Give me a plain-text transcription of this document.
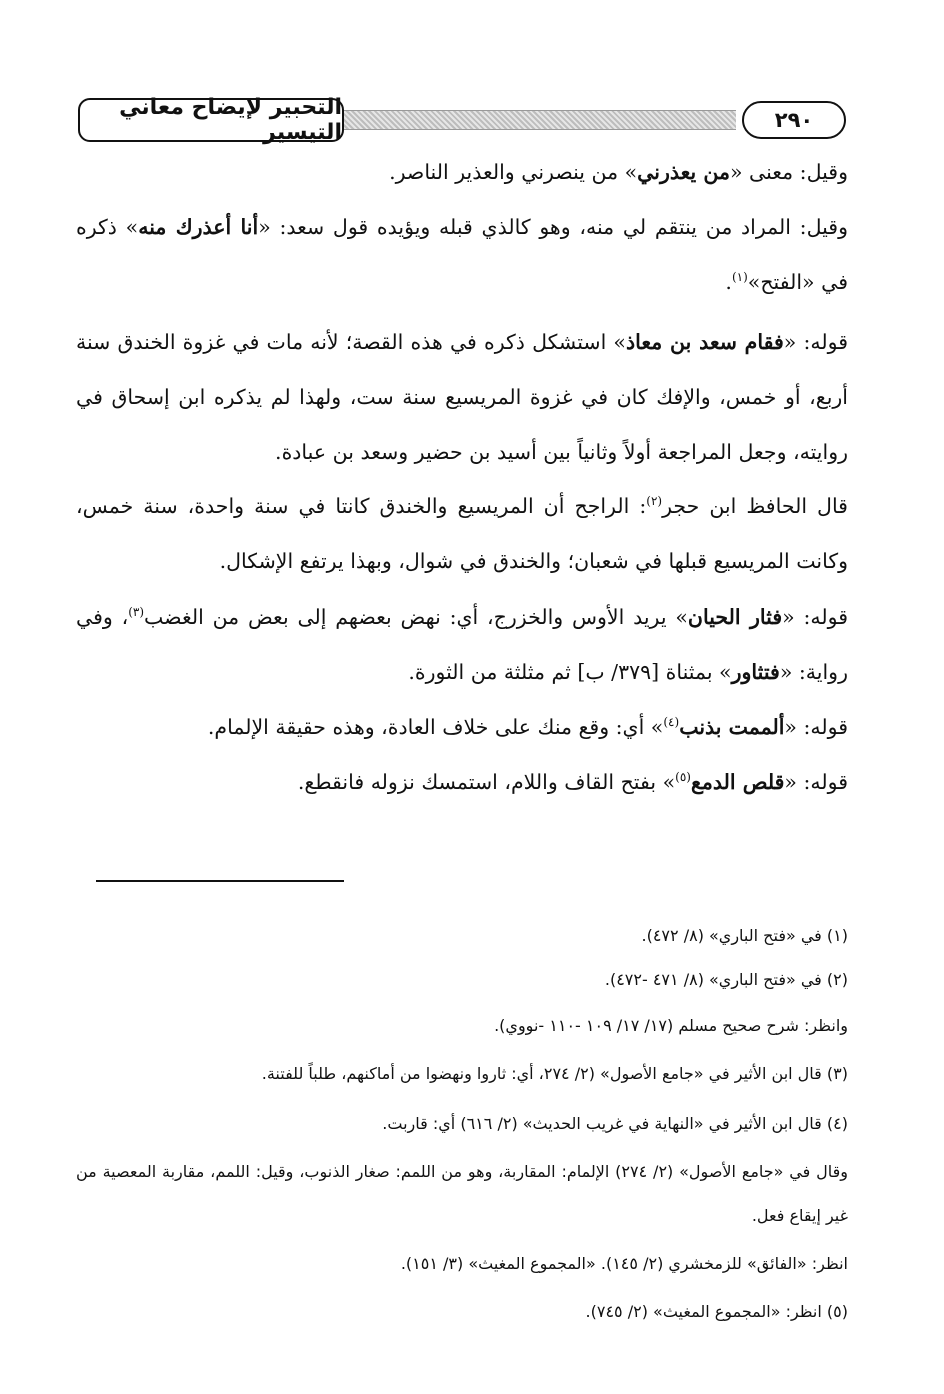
التحبير لإيضاح معاني التيسير	٢٩٠
وقيل: معنى «من يعذرني» من ينصرني والعذير الناصر.
وقيل: المراد من ينتقم لي منه، وهو كالذي قبله ويؤيده قول سعد: «أنا أعذرك منه» ذكره في «الفتح»$^{(١)}$.
قوله: «فقام سعد بن معاذ» استشكل ذكره في هذه القصة؛ لأنه مات في غزوة الخندق سنة أربع، أو خمس، والإفك كان في غزوة المريسيع سنة ست، ولهذا لم يذكره ابن إسحاق في روايته، وجعل المراجعة أولاً وثانياً بين أسيد بن حضير وسعد بن عبادة.
قال الحافظ ابن حجر$^{(٢)}$: الراجح أن المريسيع والخندق كانتا في سنة واحدة، سنة خمس، وكانت المريسيع قبلها في شعبان؛ والخندق في شوال، وبهذا يرتفع الإشكال.
قوله: «فثار الحيان» يريد الأوس والخزرج، أي: نهض بعضهم إلى بعض من الغضب$^{(٣)}$، وفي رواية: «فتثاور» بمثناة [٣٧٩/ ب] ثم مثلثة من الثورة.
قوله: «ألممت بذنب$^{(٤)}$» أي: وقع منك على خلاف العادة، وهذه حقيقة الإلمام.
قوله: «قلص الدمع$^{(٥)}$» بفتح القاف واللام، استمسك نزوله فانقطع.
(١) في «فتح الباري» (٨/ ٤٧٢).
(٢) في «فتح الباري» (٨/ ٤٧١ -٤٧٢).
وانظر: شرح صحيح مسلم (١٧/ ١٧/ ١٠٩ -١١٠ -نووي).
(٣) قال ابن الأثير في «جامع الأصول» (٢/ ٢٧٤، أي: ثاروا ونهضوا من أماكنهم، طلباً للفتنة.
(٤) قال ابن الأثير في «النهاية في غريب الحديث» (٢/ ٦١٦) أي: قاربت.
وقال في «جامع الأصول» (٢/ ٢٧٤) الإلمام: المقاربة، وهو من اللمم: صغار الذنوب، وقيل: اللمم، مقاربة المعصية من غير إيقاع فعل.
انظر: «الفائق» للزمخشري (٢/ ١٤٥). «المجموع المغيث» (٣/ ١٥١).
(٥) انظر: «المجموع المغيث» (٢/ ٧٤٥).
